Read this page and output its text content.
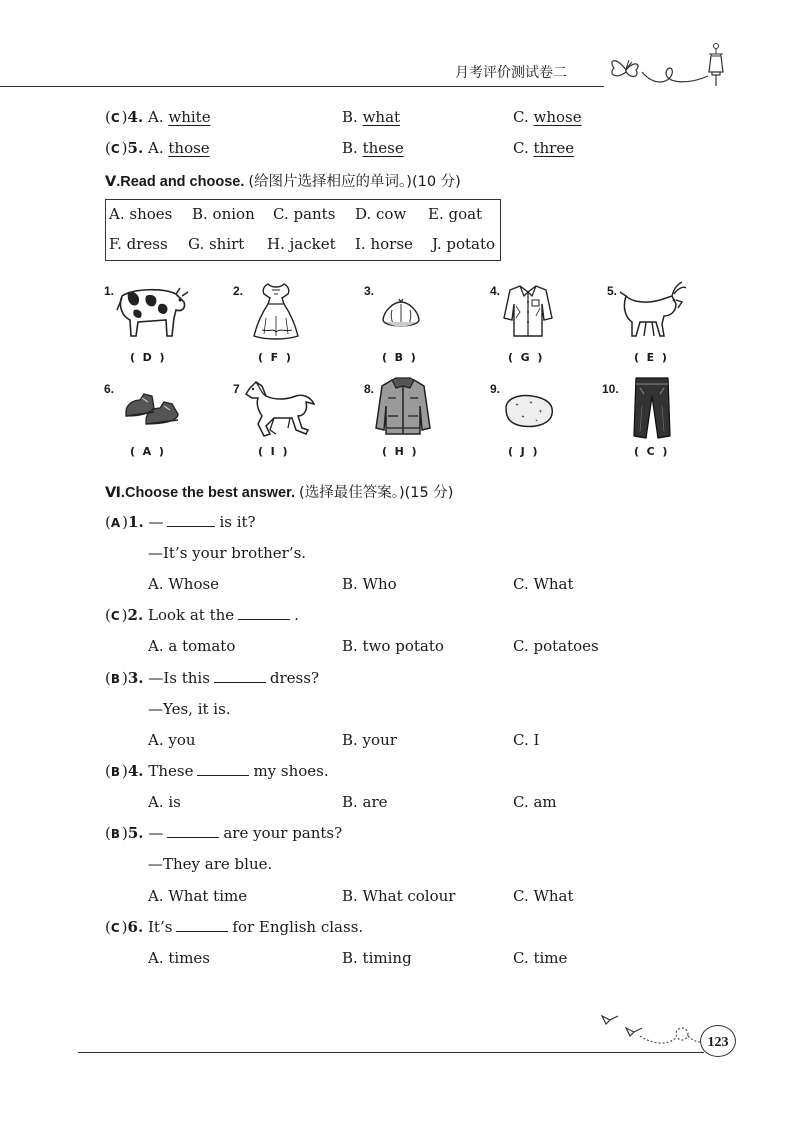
月考评价测试卷二
(C)4. A. white	B. what	C. whose
(C)5. A. those	B. these	C. three
Ⅴ.Read and choose. (给图片选择相应的单词。)(10 分)
A. shoes B. onion C. pants D. cow E. goat
F. dress G. shirt H. jacket I. horse J. potato
1.	2.	3.	4.	5.
6.	7	8.	9.	10.
(  D  )	(  F  )	(  B  )	(  G  )	(  E  )
(  A  )	(  I  )	(  H  )	(  J  )	(  C  )
Ⅵ.Choose the best answer. (选择最佳答案。)(15 分)
(A)1. —	is it?
—It’s your brother’s.
A. Whose	B. Who	C. What
(C)2. Look at the	.
A. a tomato	B. two potato	C. potatoes
(B)3. —Is this	dress?
—Yes, it is.
A. you	B. your	C. I
(B)4. These	my shoes.
A. is	B. are	C. am
(B)5. —	are your pants?
—They are blue.
A. What time	B. What colour	C. What
(C)6. It’s	for English class.
A. times	B. timing	C. time
123
